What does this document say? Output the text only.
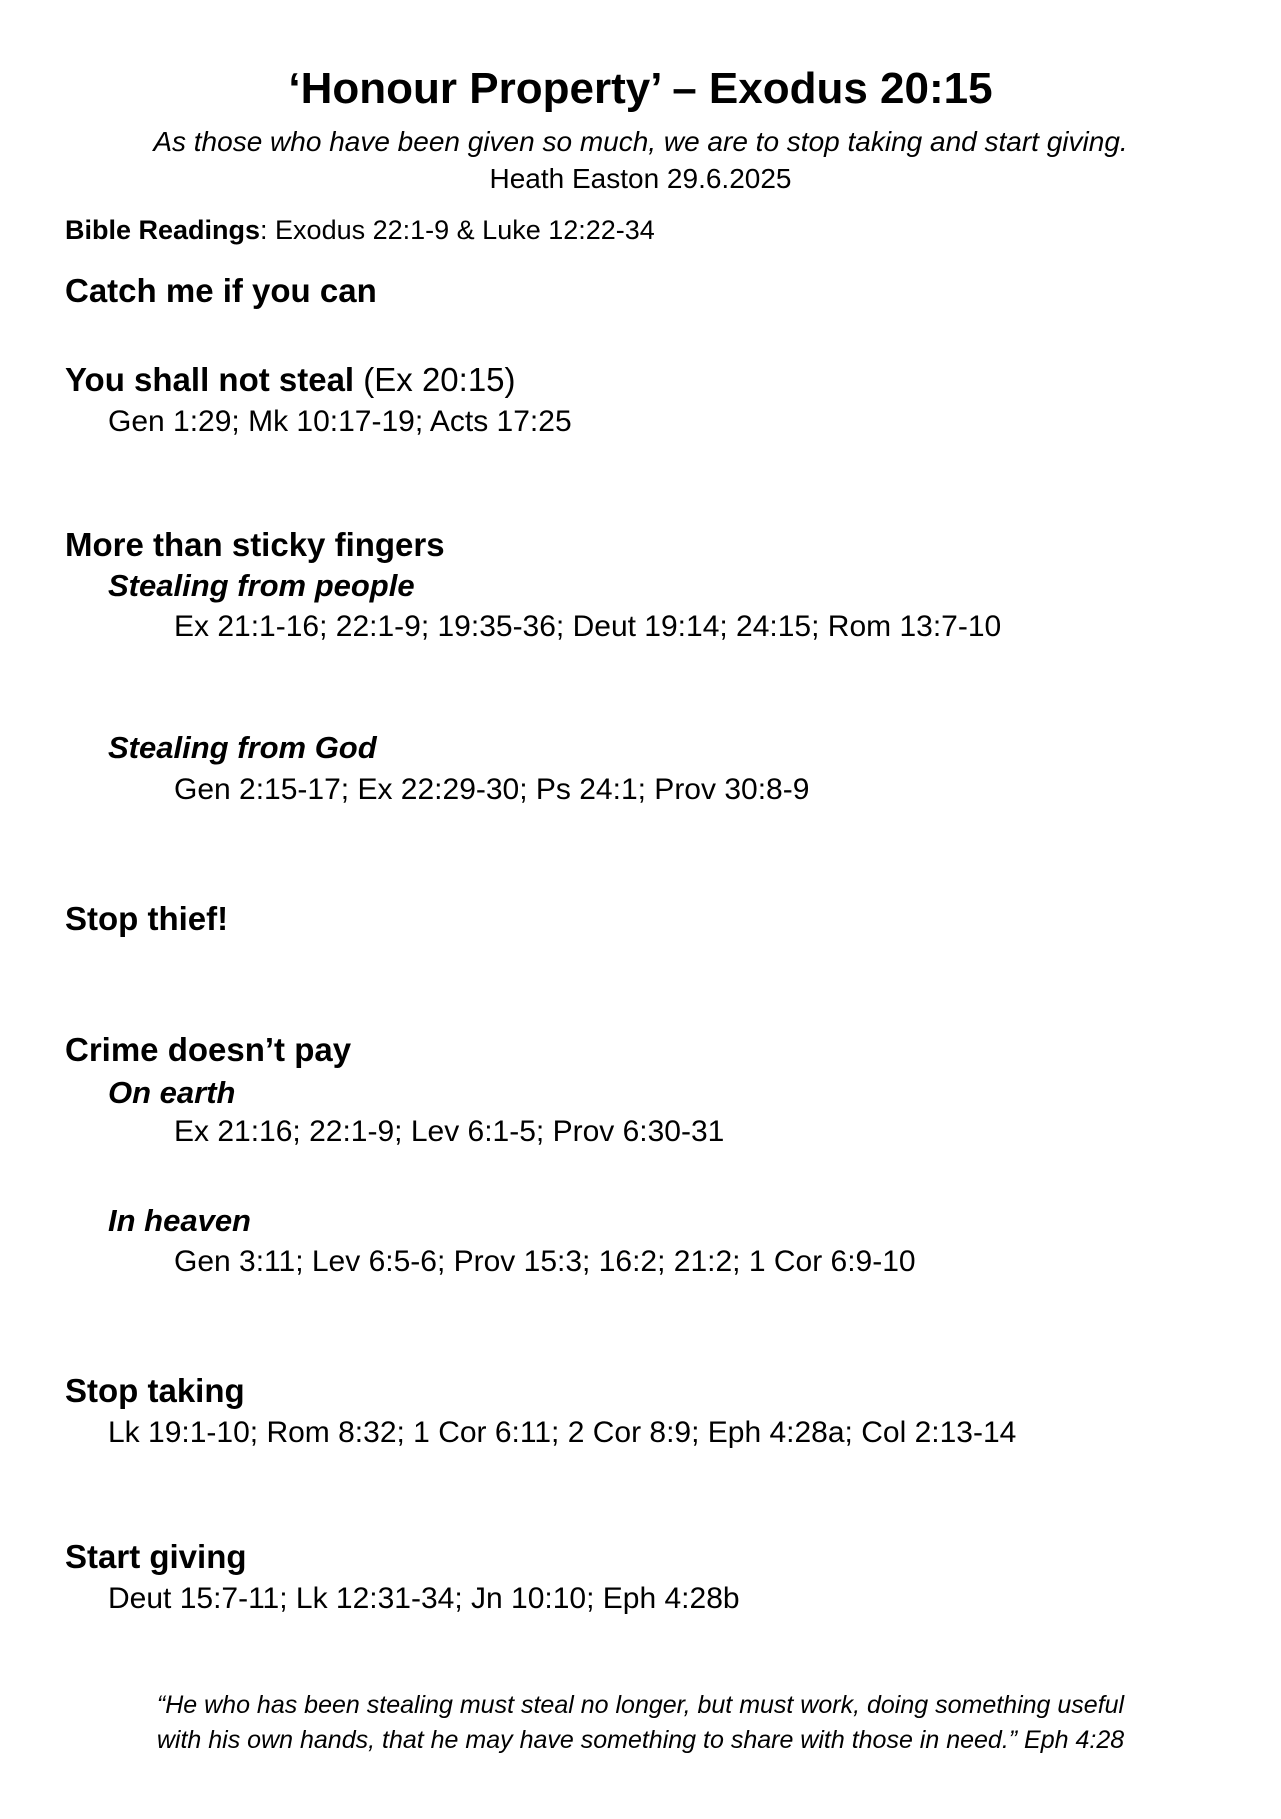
‘Honour Property’ – Exodus 20:15
As those who have been given so much, we are to stop taking and start giving.
Heath Easton 29.6.2025
Bible Readings: Exodus 22:1-9 & Luke 12:22-34
Catch me if you can
You shall not steal (Ex 20:15)
Gen 1:29; Mk 10:17-19; Acts 17:25
More than sticky fingers
Stealing from people
Ex 21:1-16; 22:1-9; 19:35-36; Deut 19:14; 24:15; Rom 13:7-10
Stealing from God
Gen 2:15-17; Ex 22:29-30; Ps 24:1; Prov 30:8-9
Stop thief!
Crime doesn’t pay
On earth
Ex 21:16; 22:1-9; Lev 6:1-5; Prov 6:30-31
In heaven
Gen 3:11; Lev 6:5-6; Prov 15:3; 16:2; 21:2; 1 Cor 6:9-10
Stop taking
Lk 19:1-10; Rom 8:32; 1 Cor 6:11; 2 Cor 8:9; Eph 4:28a; Col 2:13-14
Start giving
Deut 15:7-11; Lk 12:31-34; Jn 10:10; Eph 4:28b
“He who has been stealing must steal no longer, but must work, doing something useful
with his own hands, that he may have something to share with those in need.” Eph 4:28
